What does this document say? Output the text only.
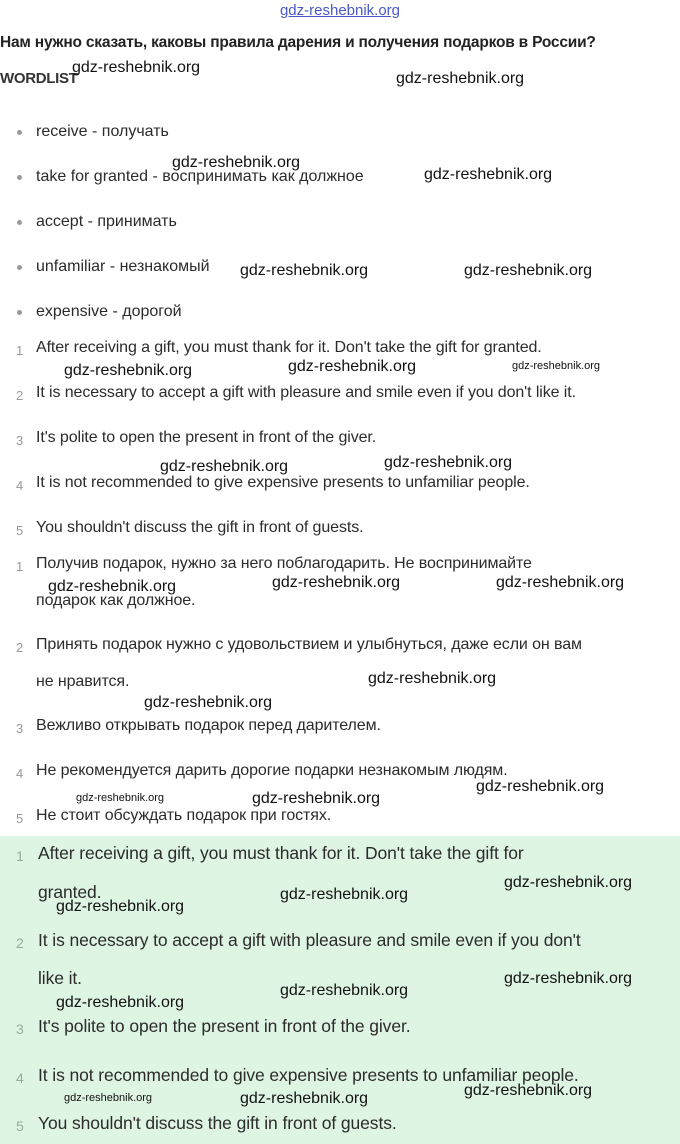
gdz-reshebnik.org
Нам нужно сказать, каковы правила дарения и получения подарков в России?
WORDLIST
receive - получать
take for granted - воспринимать как должное
accept - принимать
unfamiliar - незнакомый
expensive - дорогой
1 After receiving a gift, you must thank for it. Don't take the gift for granted.
2 It is necessary to accept a gift with pleasure and smile even if you don't like it.
3 It's polite to open the present in front of the giver.
4 It is not recommended to give expensive presents to unfamiliar people.
5 You shouldn't discuss the gift in front of guests.
1 Получив подарок, нужно за него поблагодарить. Не воспринимайте
подарок как должное.
2 Принять подарок нужно с удовольствием и улыбнуться, даже если он вам
не нравится.
3 Вежливо открывать подарок перед дарителем.
4 Не рекомендуется дарить дорогие подарки незнакомым людям.
5 Не стоит обсуждать подарок при гостях.
1 After receiving a gift, you must thank for it. Don't take the gift for
granted.
2 It is necessary to accept a gift with pleasure and smile even if you don't
like it.
3 It's polite to open the present in front of the giver.
4 It is not recommended to give expensive presents to unfamiliar people.
5 You shouldn't discuss the gift in front of guests.
gdz-reshebnik.org
gdz-reshebnik.org
gdz-reshebnik.org
gdz-reshebnik.org
gdz-reshebnik.org	gdz-reshebnik.org
gdz-reshebnik.org	gdz-reshebnik.org	gdz-reshebnik.org
gdz-reshebnik.org	gdz-reshebnik.org
gdz-reshebnik.org	gdz-reshebnik.org	gdz-reshebnik.org
gdz-reshebnik.org
gdz-reshebnik.org
gdz-reshebnik.org	gdz-reshebnik.org
gdz-reshebnik.org
gdz-reshebnik.org
gdz-reshebnik.org
gdz-reshebnik.org
gdz-reshebnik.org
gdz-reshebnik.org
gdz-reshebnik.org
gdz-reshebnik.org	gdz-reshebnik.org	gdz-reshebnik.org
